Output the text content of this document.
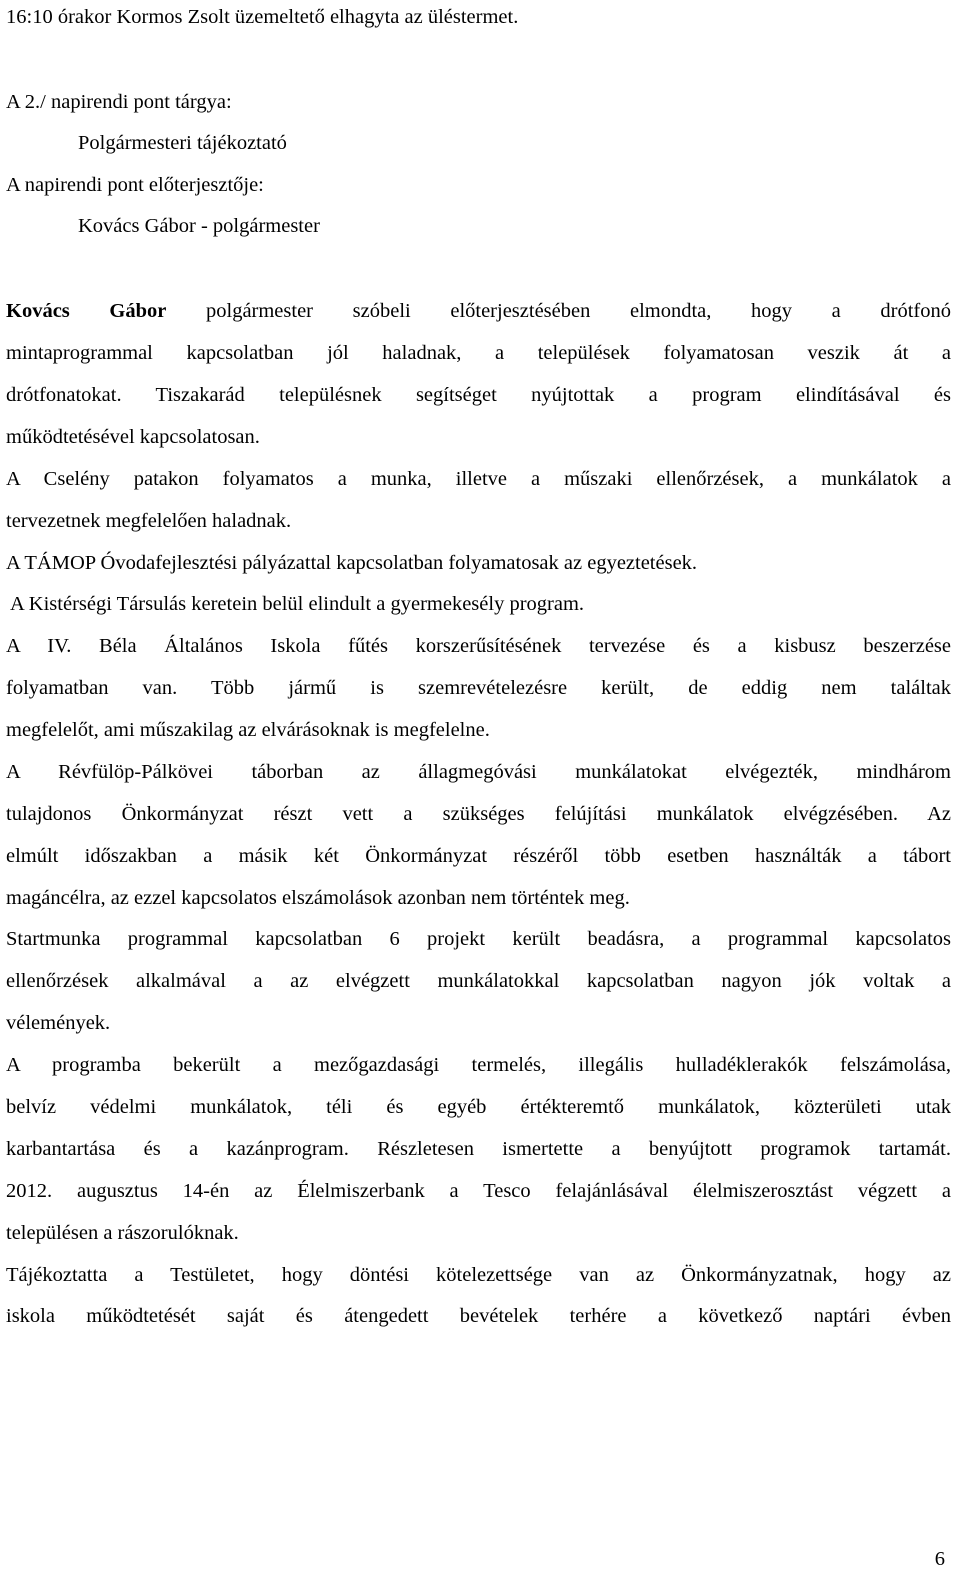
16:10 órakor Kormos Zsolt üzemeltető elhagyta az üléstermet.
A 2./ napirendi pont tárgya:
Polgármesteri tájékoztató
A napirendi pont előterjesztője:
Kovács Gábor - polgármester
Kovács Gábor polgármester szóbeli előterjesztésében elmondta, hogy a drótfonó
mintaprogrammal kapcsolatban jól haladnak, a települések folyamatosan veszik át a
drótfonatokat. Tiszakarád településnek segítséget nyújtottak a program elindításával és
működtetésével kapcsolatosan.
A Cselény patakon folyamatos a munka, illetve a műszaki ellenőrzések, a munkálatok a
tervezetnek megfelelően haladnak.
A TÁMOP Óvodafejlesztési pályázattal kapcsolatban folyamatosak az egyeztetések.
A Kistérségi Társulás keretein belül elindult a gyermekesély program.
A IV. Béla Általános Iskola fűtés korszerűsítésének tervezése és a kisbusz beszerzése
folyamatban van. Több jármű is szemrevételezésre került, de eddig nem találtak
megfelelőt, ami műszakilag az elvárásoknak is megfelelne.
A Révfülöp-Pálkövei táborban az állagmegóvási munkálatokat elvégezték, mindhárom
tulajdonos Önkormányzat részt vett a szükséges felújítási munkálatok elvégzésében. Az
elmúlt időszakban a másik két Önkormányzat részéről több esetben használták a tábort
magáncélra, az ezzel kapcsolatos elszámolások azonban nem történtek meg.
Startmunka programmal kapcsolatban 6 projekt került beadásra, a programmal kapcsolatos
ellenőrzések alkalmával a az elvégzett munkálatokkal kapcsolatban nagyon jók voltak a
vélemények.
A programba bekerült a mezőgazdasági termelés, illegális hulladéklerakók felszámolása,
belvíz védelmi munkálatok, téli és egyéb értékteremtő munkálatok, közterületi utak
karbantartása és a kazánprogram. Részletesen ismertette a benyújtott programok tartamát.
2012. augusztus 14-én az Élelmiszerbank a Tesco felajánlásával élelmiszerosztást végzett a
településen a rászorulóknak.
Tájékoztatta a Testületet, hogy döntési kötelezettsége van az Önkormányzatnak, hogy az
iskola működtetését saját és átengedett bevételek terhére a következő naptári évben
6
